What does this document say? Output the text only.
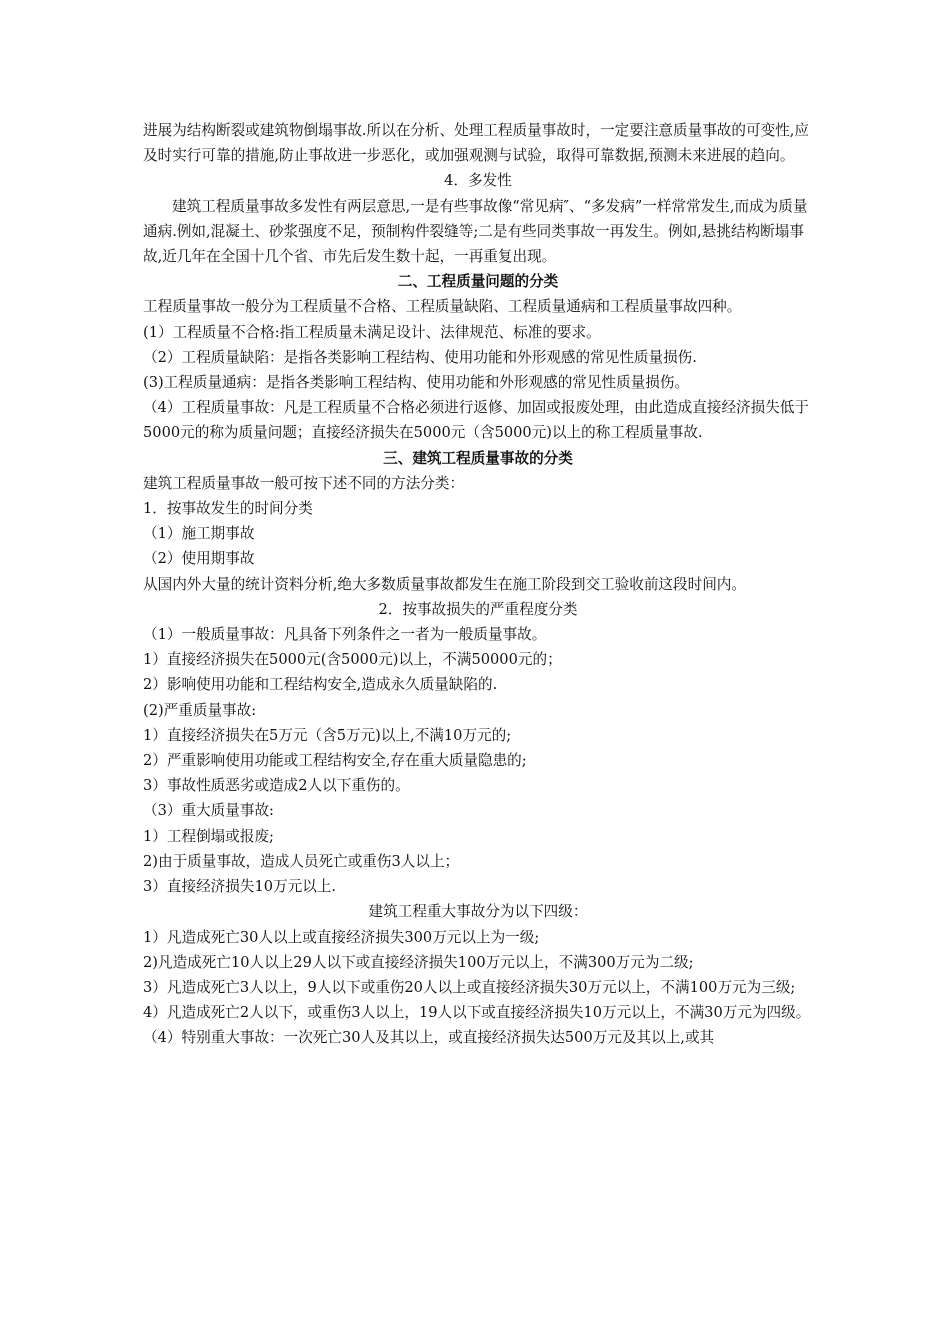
进展为结构断裂或建筑物倒塌事故.所以在分析、处理工程质量事故时，一定要注意质量事故的可变性,应及时实行可靠的措施,防止事故进一步恶化，或加强观测与试验，取得可靠数据,预测未来进展的趋向。

4．多发性

建筑工程质量事故多发性有两层意思,一是有些事故像“常见病″、“多发病”一样常常发生,而成为质量通病.例如,混凝土、砂浆强度不足，预制构件裂缝等;二是有些同类事故一再发生。例如,悬挑结构断塌事故,近几年在全国十几个省、市先后发生数十起，一再重复出现。

二、工程质量问题的分类

工程质量事故一般分为工程质量不合格、工程质量缺陷、工程质量通病和工程质量事故四种。

(1）工程质量不合格:指工程质量未满足设计、法律规范、标准的要求。

（2）工程质量缺陷：是指各类影响工程结构、使用功能和外形观感的常见性质量损伤.

(3)工程质量通病：是指各类影响工程结构、使用功能和外形观感的常见性质量损伤。

（4）工程质量事故：凡是工程质量不合格必须进行返修、加固或报废处理，由此造成直接经济损失低于5000元的称为质量问题；直接经济损失在5000元（含5000元)以上的称工程质量事故.

三、建筑工程质量事故的分类

建筑工程质量事故一般可按下述不同的方法分类：

1．按事故发生的时间分类

（1）施工期事故

（2）使用期事故

从国内外大量的统计资料分析,绝大多数质量事故都发生在施工阶段到交工验收前这段时间内。

2．按事故损失的严重程度分类

（1）一般质量事故：凡具备下列条件之一者为一般质量事故。

1）直接经济损失在5000元(含5000元)以上，不满50000元的；

2）影响使用功能和工程结构安全,造成永久质量缺陷的.

(2)严重质量事故:

1）直接经济损失在5万元（含5万元)以上,不满10万元的;

2）严重影响使用功能或工程结构安全,存在重大质量隐患的;

3）事故性质恶劣或造成2人以下重伤的。

（3）重大质量事故:

1）工程倒塌或报废;

2)由于质量事故，造成人员死亡或重伤3人以上；

3）直接经济损失10万元以上.

建筑工程重大事故分为以下四级：

1）凡造成死亡30人以上或直接经济损失300万元以上为一级;

2)凡造成死亡10人以上29人以下或直接经济损失100万元以上，不满300万元为二级;

3）凡造成死亡3人以上，9人以下或重伤20人以上或直接经济损失30万元以上，不满100万元为三级;

4）凡造成死亡2人以下，或重伤3人以上，19人以下或直接经济损失10万元以上，不满30万元为四级。

（4）特别重大事故：一次死亡30人及其以上，或直接经济损失达500万元及其以上,或其
